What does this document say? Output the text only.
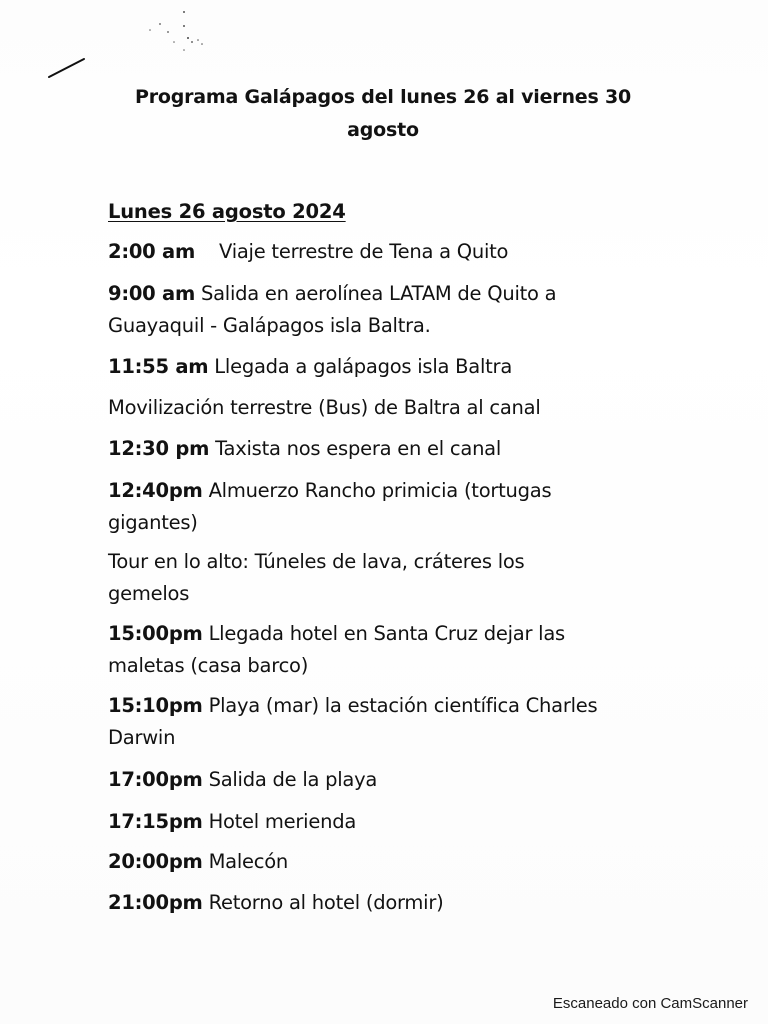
Programa Galápagos del lunes 26 al viernes 30 agosto
Lunes 26 agosto 2024
2:00 am Viaje terrestre de Tena a Quito
9:00 am Salida en aerolínea LATAM de Quito a Guayaquil - Galápagos isla Baltra.
11:55 am Llegada a galápagos isla Baltra
Movilización terrestre (Bus) de Baltra al canal
12:30 pm Taxista nos espera en el canal
12:40pm Almuerzo Rancho primicia (tortugas gigantes)
Tour en lo alto: Túneles de lava, cráteres los gemelos
15:00pm Llegada hotel en Santa Cruz dejar las maletas (casa barco)
15:10pm Playa (mar) la estación científica Charles Darwin
17:00pm Salida de la playa
17:15pm Hotel merienda
20:00pm Malecón
21:00pm Retorno al hotel (dormir)
Escaneado con CamScanner
